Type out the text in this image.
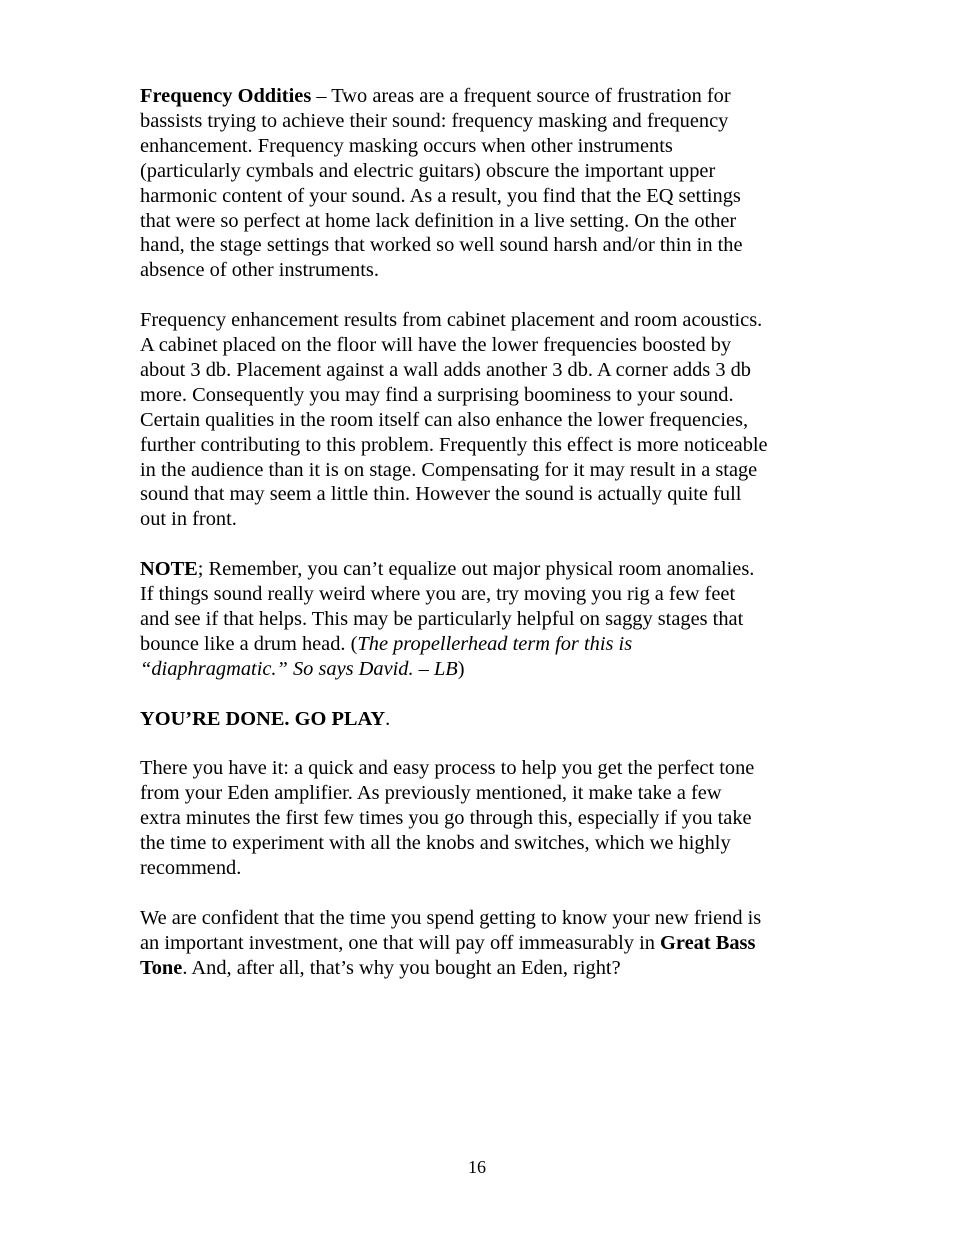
Frequency Oddities – Two areas are a frequent source of frustration for
bassists trying to achieve their sound: frequency masking and frequency
enhancement. Frequency masking occurs when other instruments
(particularly cymbals and electric guitars) obscure the important upper
harmonic content of your sound. As a result, you find that the EQ settings
that were so perfect at home lack definition in a live setting. On the other
hand, the stage settings that worked so well sound harsh and/or thin in the
absence of other instruments.

Frequency enhancement results from cabinet placement and room acoustics.
A cabinet placed on the floor will have the lower frequencies boosted by
about 3 db. Placement against a wall adds another 3 db. A corner adds 3 db
more. Consequently you may find a surprising boominess to your sound.
Certain qualities in the room itself can also enhance the lower frequencies,
further contributing to this problem. Frequently this effect is more noticeable
in the audience than it is on stage. Compensating for it may result in a stage
sound that may seem a little thin. However the sound is actually quite full
out in front.

NOTE; Remember, you can’t equalize out major physical room anomalies.
If things sound really weird where you are, try moving you rig a few feet
and see if that helps. This may be particularly helpful on saggy stages that
bounce like a drum head. (The propellerhead term for this is
“diaphragmatic.” So says David. – LB)

YOU’RE DONE. GO PLAY.

There you have it: a quick and easy process to help you get the perfect tone
from your Eden amplifier. As previously mentioned, it make take a few
extra minutes the first few times you go through this, especially if you take
the time to experiment with all the knobs and switches, which we highly
recommend.

We are confident that the time you spend getting to know your new friend is
an important investment, one that will pay off immeasurably in Great Bass
Tone. And, after all, that’s why you bought an Eden, right?

16
